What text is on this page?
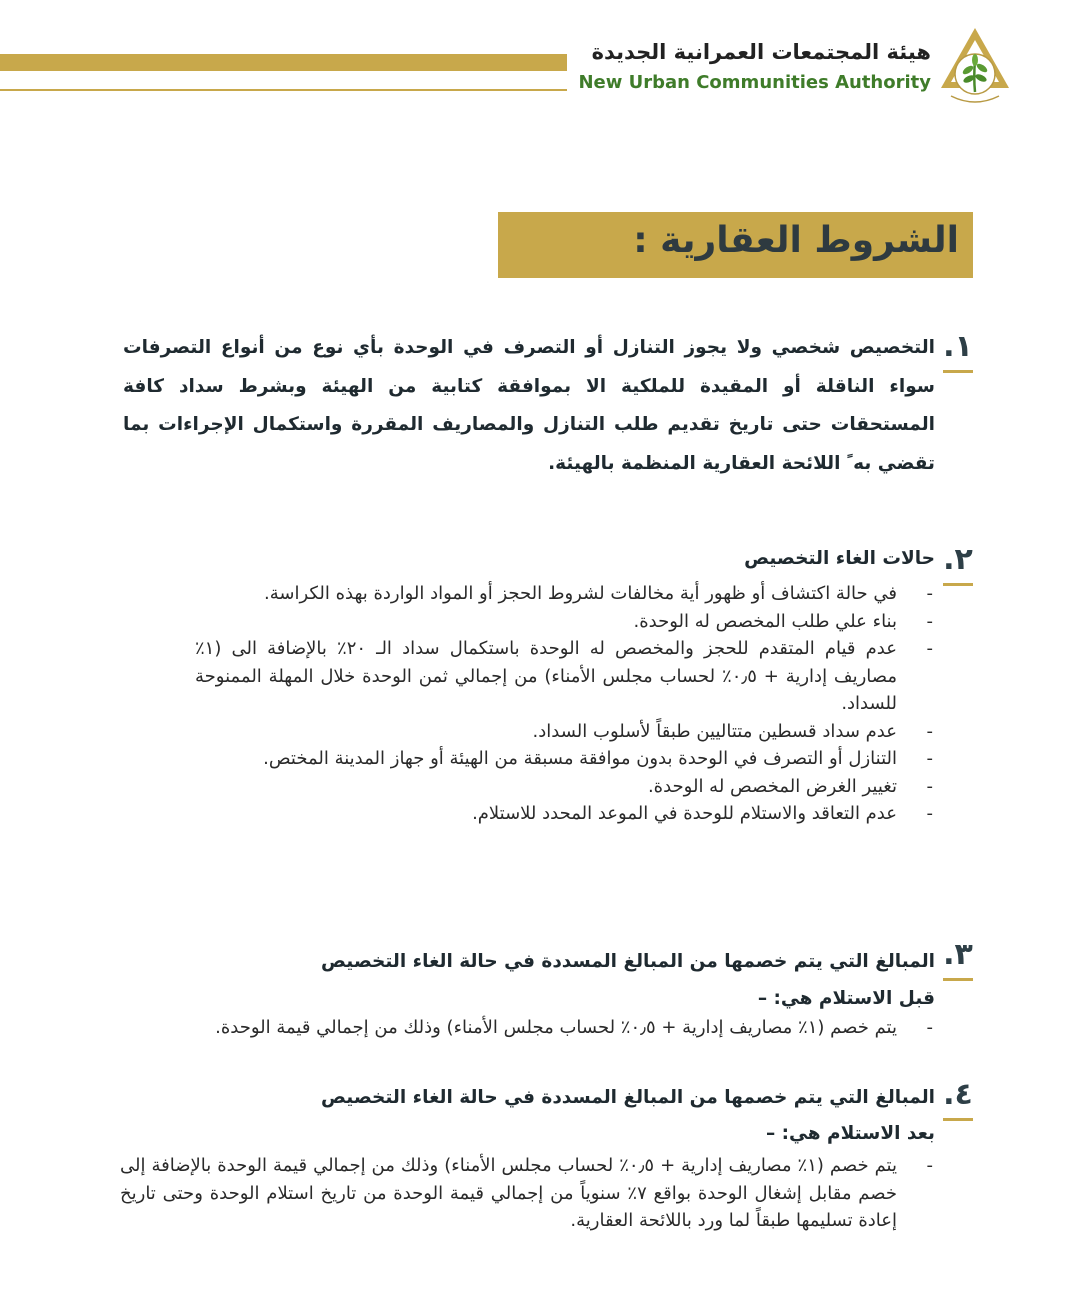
هيئة المجتمعات العمرانية الجديدة
New Urban Communities Authority
الشروط العقارية :
١.
التخصيص شخصي ولا يجوز التنازل أو التصرف في الوحدة بأي نوع من أنواع التصرفات سواء الناقلة أو المقيدة للملكية الا بموافقة كتابية من الهيئة وبشرط سداد كافة المستحقات حتى تاريخ تقديم طلب التنازل والمصاريف المقررة واستكمال الإجراءات بما تقضي به ً اللائحة العقارية المنظمة بالهيئة.
٢.
حالات الغاء التخصيص
-
في حالة اكتشاف أو ظهور أية مخالفات لشروط الحجز أو المواد الواردة بهذه الكراسة.
-
بناء علي طلب المخصص له الوحدة.
-
عدم قيام المتقدم للحجز والمخصص له الوحدة باستكمال سداد الـ ٢٠٪ بالإضافة الى (١٪ مصاريف إدارية + ٠٫٥٪ لحساب مجلس الأمناء) من إجمالي ثمن الوحدة خلال المهلة الممنوحة للسداد.
-
عدم سداد قسطين متتاليين طبقاً لأسلوب السداد.
-
التنازل أو التصرف في الوحدة بدون موافقة مسبقة من الهيئة أو جهاز المدينة المختص.
-
تغيير الغرض المخصص له الوحدة.
-
عدم التعاقد والاستلام للوحدة في الموعد المحدد للاستلام.
٣.
المبالغ التي يتم خصمها من المبالغ المسددة في حالة الغاء التخصيص
قبل الاستلام هي: –
-
يتم خصم (١٪ مصاريف إدارية + ٠٫٥٪ لحساب مجلس الأمناء) وذلك من إجمالي قيمة الوحدة.
٤.
المبالغ التي يتم خصمها من المبالغ المسددة في حالة الغاء التخصيص
بعد الاستلام هي: –
-
يتم خصم (١٪ مصاريف إدارية + ٠٫٥٪ لحساب مجلس الأمناء) وذلك من إجمالي قيمة الوحدة بالإضافة إلى خصم مقابل إشغال الوحدة بواقع ٧٪ سنوياً من إجمالي قيمة الوحدة من تاريخ استلام الوحدة وحتى تاريخ إعادة تسليمها طبقاً لما ورد باللائحة العقارية.
